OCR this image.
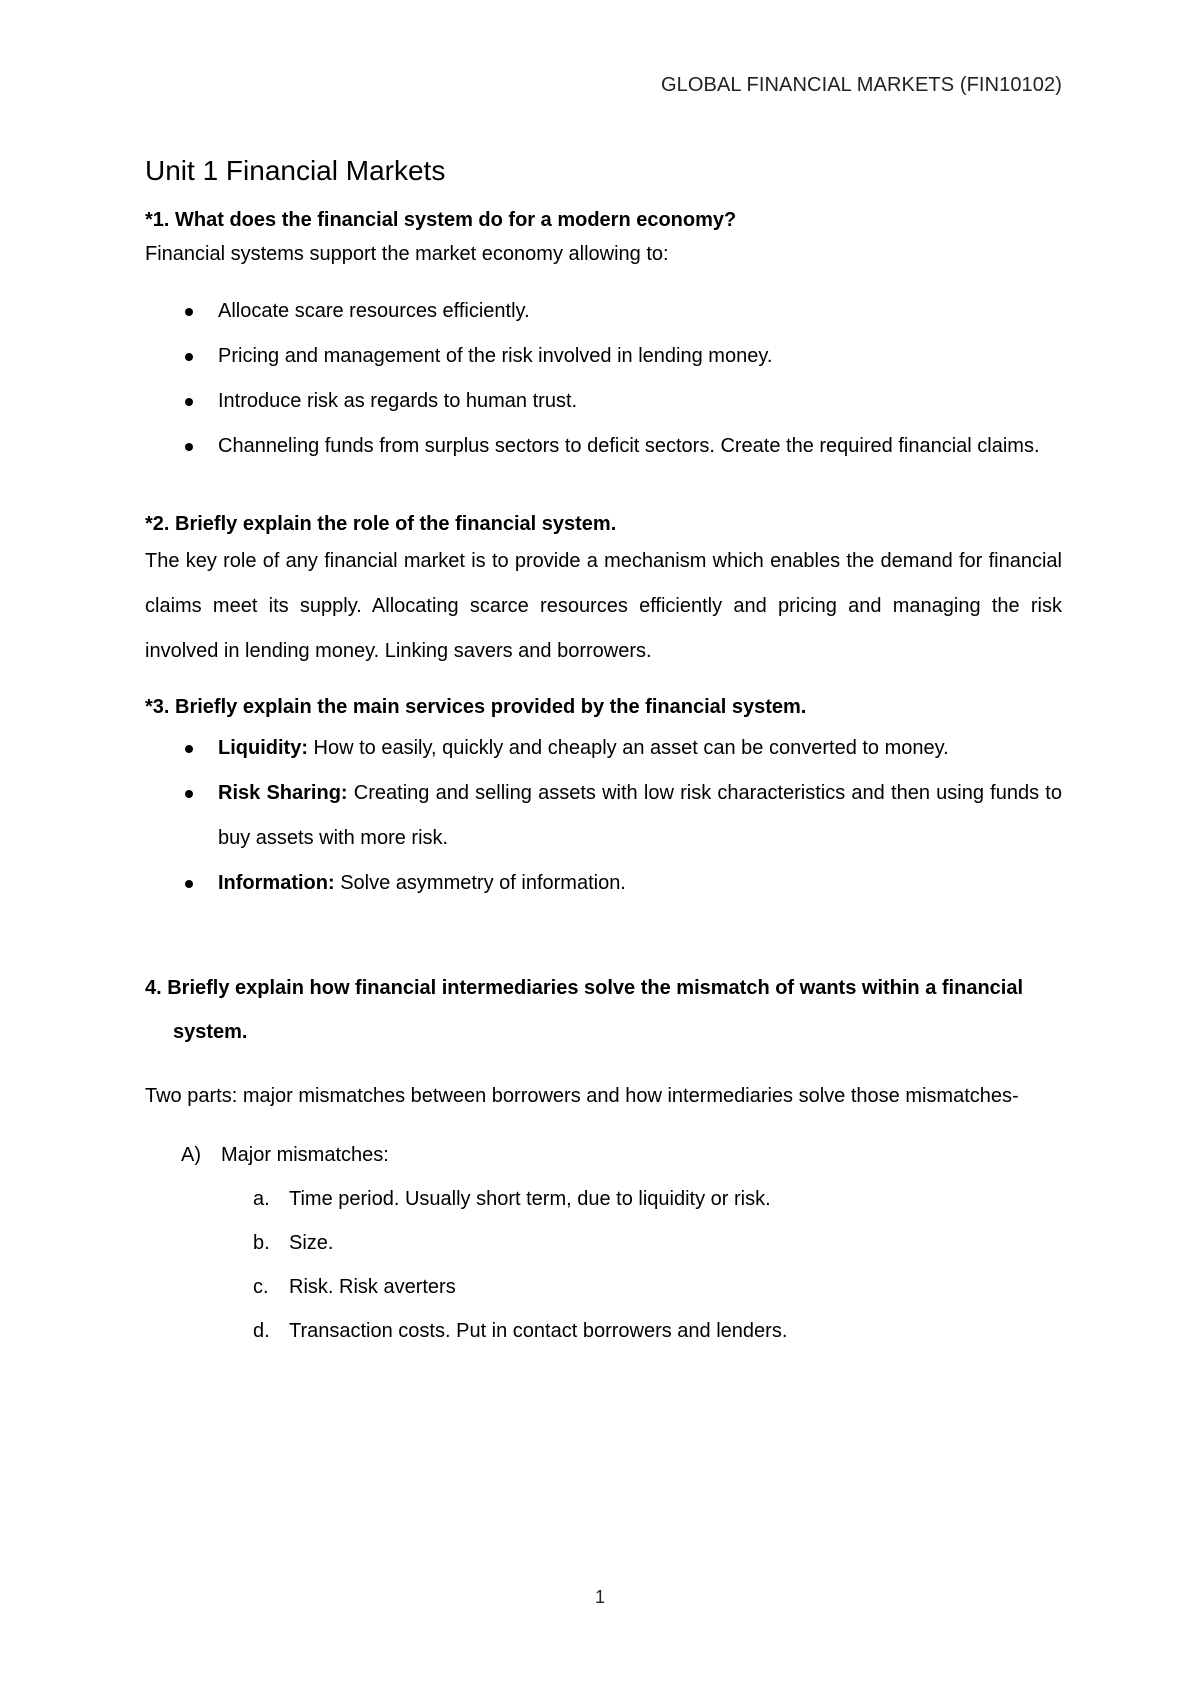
GLOBAL FINANCIAL MARKETS (FIN10102)
Unit 1 Financial Markets

*1. What does the financial system do for a modern economy?

Financial systems support the market economy allowing to:

Allocate scare resources efficiently.
Pricing and management of the risk involved in lending money.
Introduce risk as regards to human trust.
Channeling funds from surplus sectors to deficit sectors. Create the required financial claims.

*2. Briefly explain the role of the financial system.

The key role of any financial market is to provide a mechanism which enables the demand for financial claims meet its supply. Allocating scarce resources efficiently and pricing and managing the risk involved in lending money. Linking savers and borrowers.

*3. Briefly explain the main services provided by the financial system.

Liquidity: How to easily, quickly and cheaply an asset can be converted to money.
Risk Sharing: Creating and selling assets with low risk characteristics and then using funds to buy assets with more risk.
Information: Solve asymmetry of information.

4. Briefly explain how financial intermediaries solve the mismatch of wants within a financial system.

Two parts: major mismatches between borrowers and how intermediaries solve those mismatches-

A)	Major mismatches:
a. Time period. Usually short term, due to liquidity or risk.
b. Size.
c.	Risk. Risk averters
d. Transaction costs. Put in contact borrowers and lenders.
1
